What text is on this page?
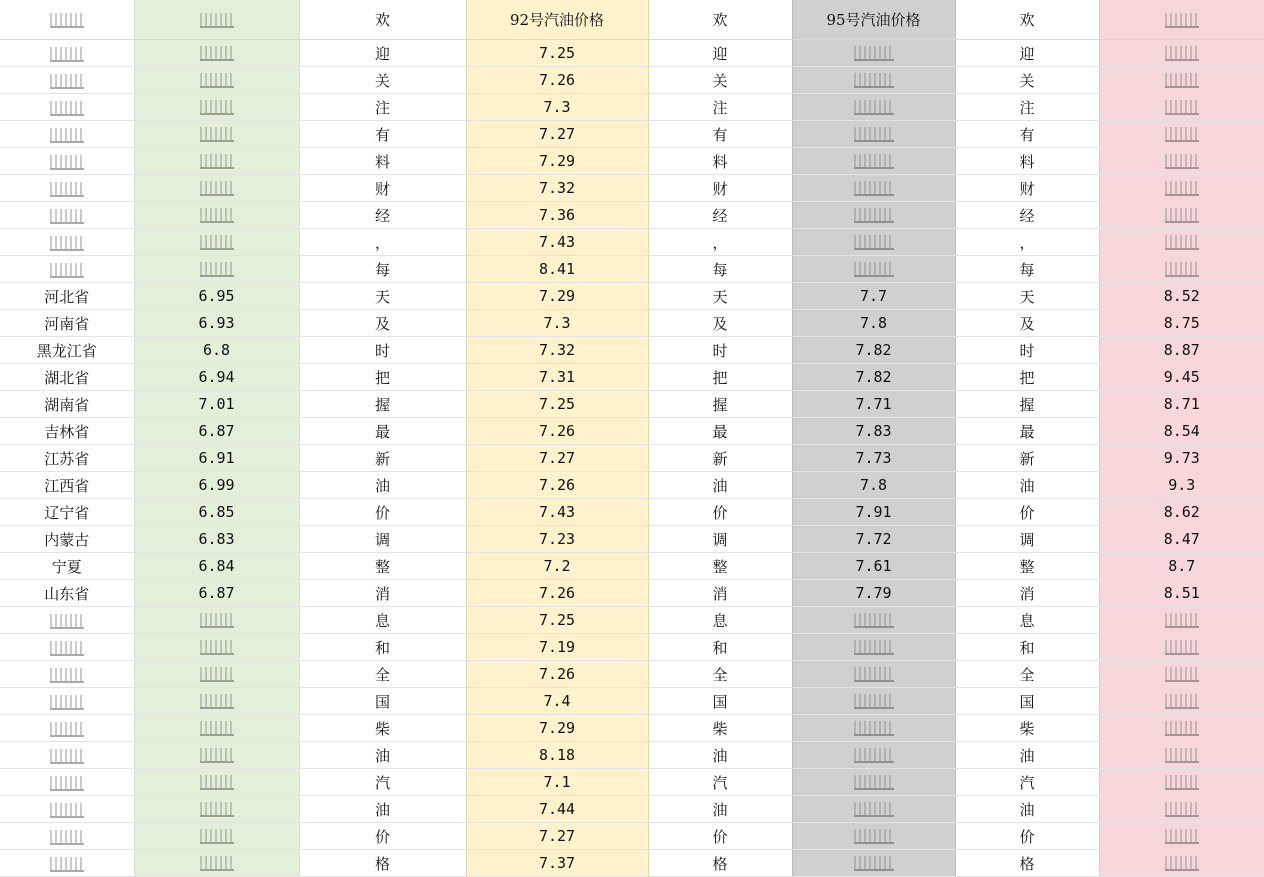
		欢	92号汽油价格	欢	95号汽油价格	欢	
		迎	7.25	迎		迎	
		关	7.26	关		关	
		注	7.3	注		注	
		有	7.27	有		有	
		料	7.29	料		料	
		财	7.32	财		财	
		经	7.36	经		经	
		，	7.43	，		，	
		每	8.41	每		每	
河北省	6.95	天	7.29	天	7.7	天	8.52
河南省	6.93	及	7.3	及	7.8	及	8.75
黑龙江省	6.8	时	7.32	时	7.82	时	8.87
湖北省	6.94	把	7.31	把	7.82	把	9.45
湖南省	7.01	握	7.25	握	7.71	握	8.71
吉林省	6.87	最	7.26	最	7.83	最	8.54
江苏省	6.91	新	7.27	新	7.73	新	9.73
江西省	6.99	油	7.26	油	7.8	油	9.3
辽宁省	6.85	价	7.43	价	7.91	价	8.62
内蒙古	6.83	调	7.23	调	7.72	调	8.47
宁夏	6.84	整	7.2	整	7.61	整	8.7
山东省	6.87	消	7.26	消	7.79	消	8.51
		息	7.25	息		息	
		和	7.19	和		和	
		全	7.26	全		全	
		国	7.4	国		国	
		柴	7.29	柴		柴	
		油	8.18	油		油	
		汽	7.1	汽		汽	
		油	7.44	油		油	
		价	7.27	价		价	
		格	7.37	格		格	
